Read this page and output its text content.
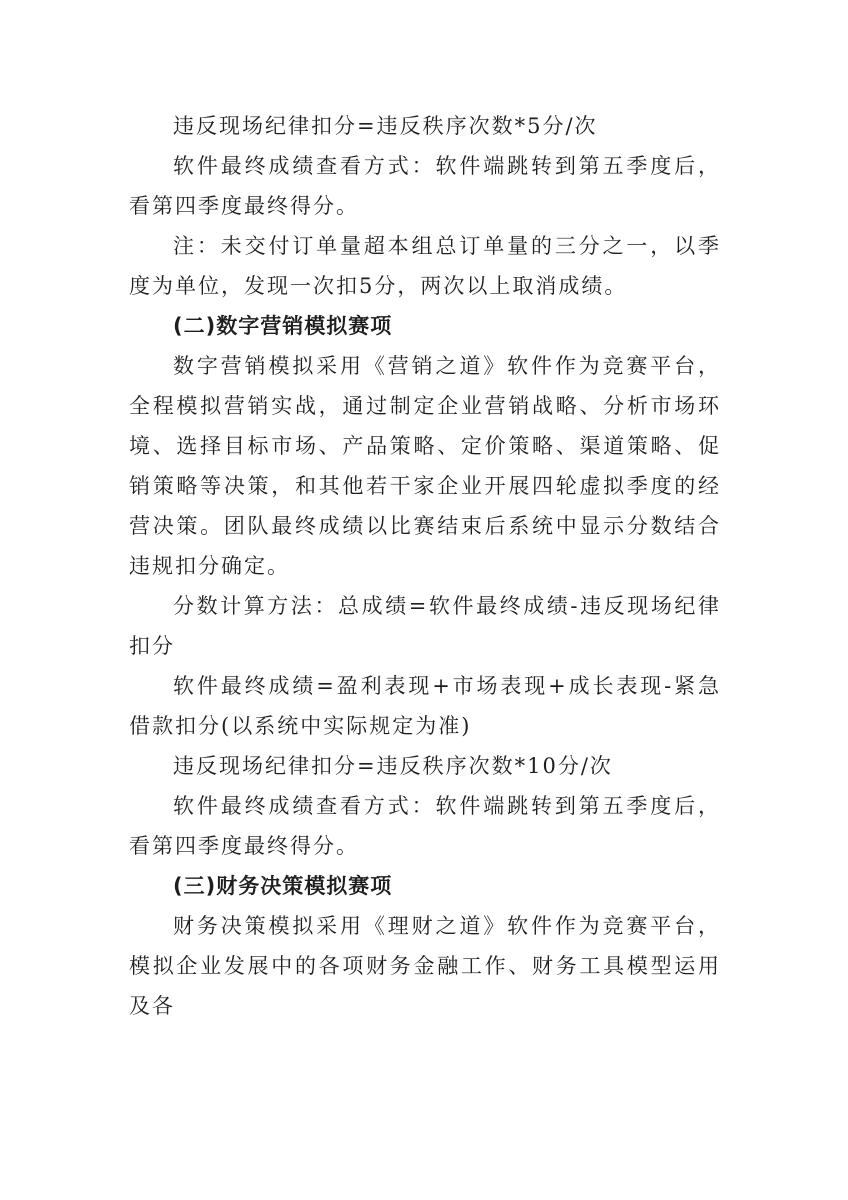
违反现场纪律扣分=违反秩序次数*5分/次

软件最终成绩查看方式：软件端跳转到第五季度后，看第四季度最终得分。

注：未交付订单量超本组总订单量的三分之一，以季度为单位，发现一次扣5分，两次以上取消成绩。

(二)数字营销模拟赛项

数字营销模拟采用《营销之道》软件作为竞赛平台，全程模拟营销实战，通过制定企业营销战略、分析市场环境、选择目标市场、产品策略、定价策略、渠道策略、促销策略等决策，和其他若干家企业开展四轮虚拟季度的经营决策。团队最终成绩以比赛结束后系统中显示分数结合违规扣分确定。

分数计算方法：总成绩=软件最终成绩-违反现场纪律扣分

软件最终成绩=盈利表现+市场表现+成长表现-紧急借款扣分(以系统中实际规定为准)

违反现场纪律扣分=违反秩序次数*10分/次

软件最终成绩查看方式：软件端跳转到第五季度后，看第四季度最终得分。

(三)财务决策模拟赛项

财务决策模拟采用《理财之道》软件作为竞赛平台，模拟企业发展中的各项财务金融工作、财务工具模型运用及各
